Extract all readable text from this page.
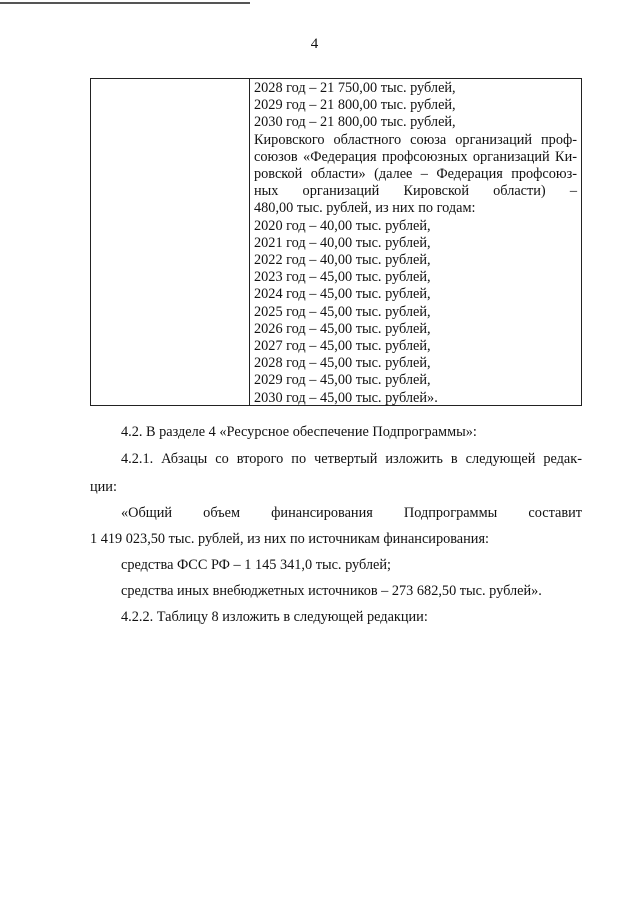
4
2028 год – 21 750,00 тыс. рублей,
2029 год – 21 800,00 тыс. рублей,
2030 год – 21 800,00 тыс. рублей,
Кировского областного союза организаций проф-
союзов «Федерация профсоюзных организаций Ки-
ровской области» (далее – Федерация профсоюз-
ных организаций Кировской области) –
480,00 тыс. рублей, из них по годам:
2020 год – 40,00 тыс. рублей,
2021 год – 40,00 тыс. рублей,
2022 год – 40,00 тыс. рублей,
2023 год – 45,00 тыс. рублей,
2024 год – 45,00 тыс. рублей,
2025 год – 45,00 тыс. рублей,
2026 год – 45,00 тыс. рублей,
2027 год – 45,00 тыс. рублей,
2028 год – 45,00 тыс. рублей,
2029 год – 45,00 тыс. рублей,
2030 год – 45,00 тыс. рублей».
4.2. В разделе 4 «Ресурсное обеспечение Подпрограммы»:
4.2.1. Абзацы со второго по четвертый изложить в следующей редак-
ции:
«Общий объем финансирования Подпрограммы составит
1 419 023,50 тыс. рублей, из них по источникам финансирования:
средства ФСС РФ – 1 145 341,0 тыс. рублей;
средства иных внебюджетных источников – 273 682,50 тыс. рублей».
4.2.2. Таблицу 8 изложить в следующей редакции:
